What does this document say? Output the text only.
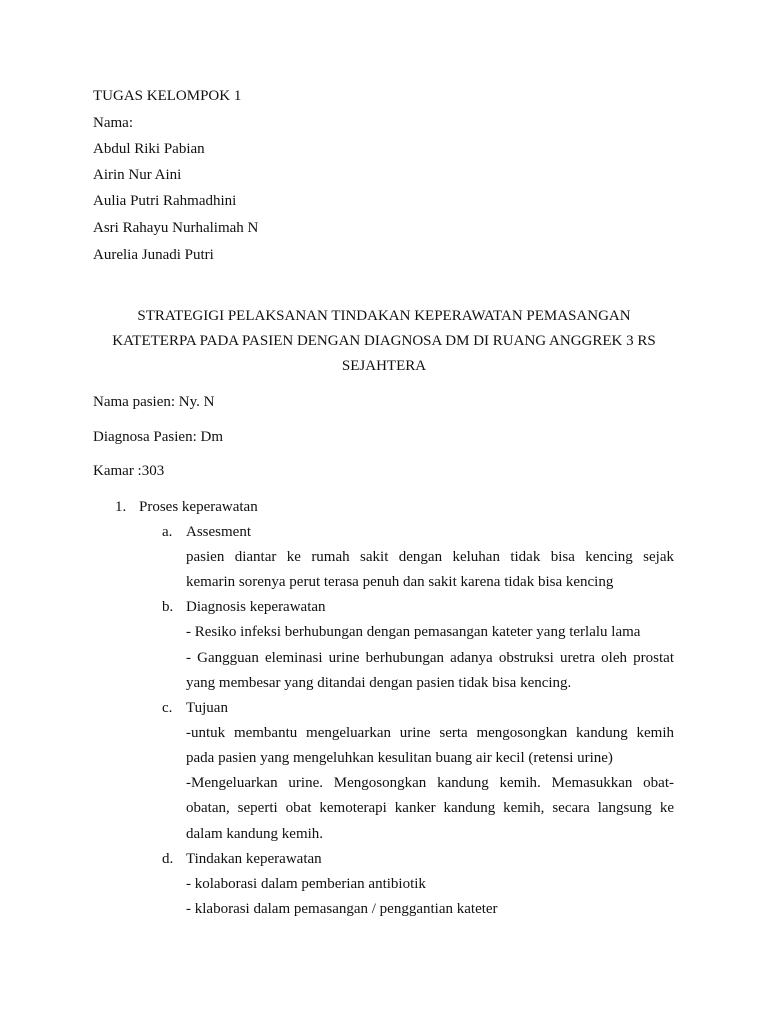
TUGAS KELOMPOK 1
Nama:
Abdul Riki Pabian
Airin Nur Aini
Aulia Putri Rahmadhini
Asri Rahayu Nurhalimah N
Aurelia Junadi Putri
STRATEGIGI PELAKSANAN TINDAKAN KEPERAWATAN PEMASANGAN
KATETERPA PADA PASIEN DENGAN DIAGNOSA DM DI RUANG ANGGREK 3 RS
SEJAHTERA
Nama pasien: Ny. N
Diagnosa Pasien: Dm
Kamar :303
1. Proses keperawatan
a. Assesment
pasien diantar ke rumah sakit dengan keluhan tidak bisa kencing sejak
kemarin sorenya perut terasa penuh dan sakit karena tidak bisa kencing
b. Diagnosis keperawatan
- Resiko infeksi berhubungan dengan pemasangan kateter yang terlalu lama
- Gangguan eleminasi urine berhubungan adanya obstruksi uretra oleh prostat
yang membesar yang ditandai dengan pasien tidak bisa kencing.
c. Tujuan
-untuk membantu mengeluarkan urine serta mengosongkan kandung kemih
pada pasien yang mengeluhkan kesulitan buang air kecil (retensi urine)
-Mengeluarkan urine. Mengosongkan kandung kemih. Memasukkan obat-
obatan, seperti obat kemoterapi kanker kandung kemih, secara langsung ke
dalam kandung kemih.
d. Tindakan keperawatan
- kolaborasi dalam pemberian antibiotik
- klaborasi dalam pemasangan / penggantian kateter
